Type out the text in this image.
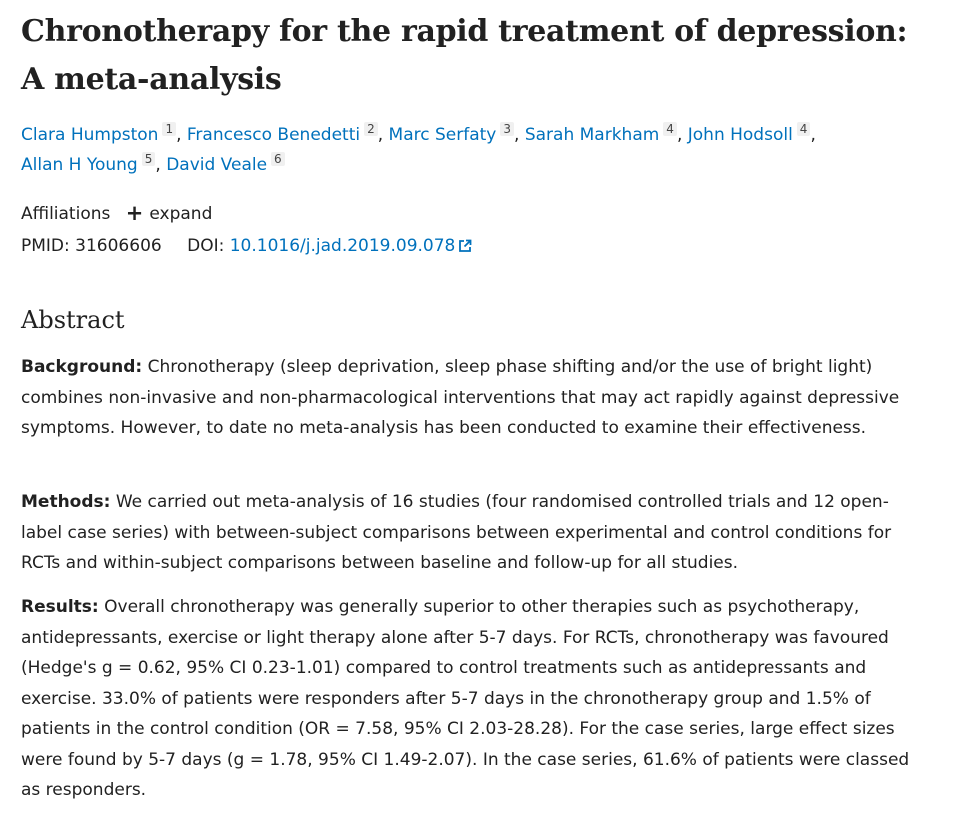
Chronotherapy for the rapid treatment of depression: A meta-analysis
Clara Humpston 1 , Francesco Benedetti 2 , Marc Serfaty 3 , Sarah Markham 4 , John Hodsoll 4 ,
Allan H Young 5 , David Veale 6
Affiliations + expand
PMID: 31606606 DOI: 10.1016/j.jad.2019.09.078
Abstract

Background: Chronotherapy (sleep deprivation, sleep phase shifting and/or the use of bright light) combines non-invasive and non-pharmacological interventions that may act rapidly against depressive symptoms. However, to date no meta-analysis has been conducted to examine their effectiveness.

Methods: We carried out meta-analysis of 16 studies (four randomised controlled trials and 12 open-label case series) with between-subject comparisons between experimental and control conditions for RCTs and within-subject comparisons between baseline and follow-up for all studies.

Results: Overall chronotherapy was generally superior to other therapies such as psychotherapy, antidepressants, exercise or light therapy alone after 5-7 days. For RCTs, chronotherapy was favoured (Hedge's g = 0.62, 95% CI 0.23-1.01) compared to control treatments such as antidepressants and exercise. 33.0% of patients were responders after 5-7 days in the chronotherapy group and 1.5% of patients in the control condition (OR = 7.58, 95% CI 2.03-28.28). For the case series, large effect sizes were found by 5-7 days (g = 1.78, 95% CI 1.49-2.07). In the case series, 61.6% of patients were classed as responders.
